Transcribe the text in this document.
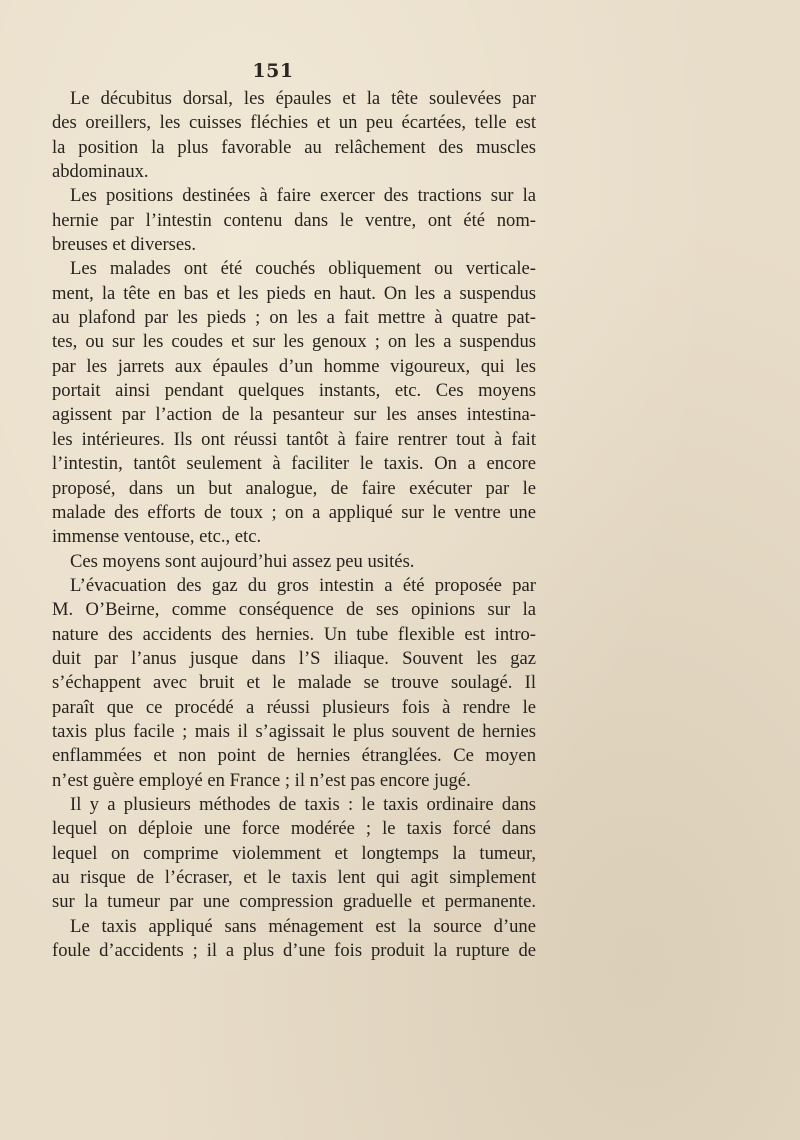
151
Le décubitus dorsal, les épaules et la tête soulevées par
des oreillers, les cuisses fléchies et un peu écartées, telle est
la position la plus favorable au relâchement des muscles
abdominaux.
Les positions destinées à faire exercer des tractions sur la
hernie par l’intestin contenu dans le ventre, ont été nom-
breuses et diverses.
Les malades ont été couchés obliquement ou verticale-
ment, la tête en bas et les pieds en haut. On les a suspendus
au plafond par les pieds ; on les a fait mettre à quatre pat-
tes, ou sur les coudes et sur les genoux ; on les a suspendus
par les jarrets aux épaules d’un homme vigoureux, qui les
portait ainsi pendant quelques instants, etc. Ces moyens
agissent par l’action de la pesanteur sur les anses intestina-
les intérieures. Ils ont réussi tantôt à faire rentrer tout à fait
l’intestin, tantôt seulement à faciliter le taxis. On a encore
proposé, dans un but analogue, de faire exécuter par le
malade des efforts de toux ; on a appliqué sur le ventre une
immense ventouse, etc., etc.
Ces moyens sont aujourd’hui assez peu usités.
L’évacuation des gaz du gros intestin a été proposée par
M. O’Beirne, comme conséquence de ses opinions sur la
nature des accidents des hernies. Un tube flexible est intro-
duit par l’anus jusque dans l’S iliaque. Souvent les gaz
s’échappent avec bruit et le malade se trouve soulagé. Il
paraît que ce procédé a réussi plusieurs fois à rendre le
taxis plus facile ; mais il s’agissait le plus souvent de hernies
enflammées et non point de hernies étranglées. Ce moyen
n’est guère employé en France ; il n’est pas encore jugé.
Il y a plusieurs méthodes de taxis : le taxis ordinaire dans
lequel on déploie une force modérée ; le taxis forcé dans
lequel on comprime violemment et longtemps la tumeur,
au risque de l’écraser, et le taxis lent qui agit simplement
sur la tumeur par une compression graduelle et permanente.
Le taxis appliqué sans ménagement est la source d’une
foule d’accidents ; il a plus d’une fois produit la rupture de
